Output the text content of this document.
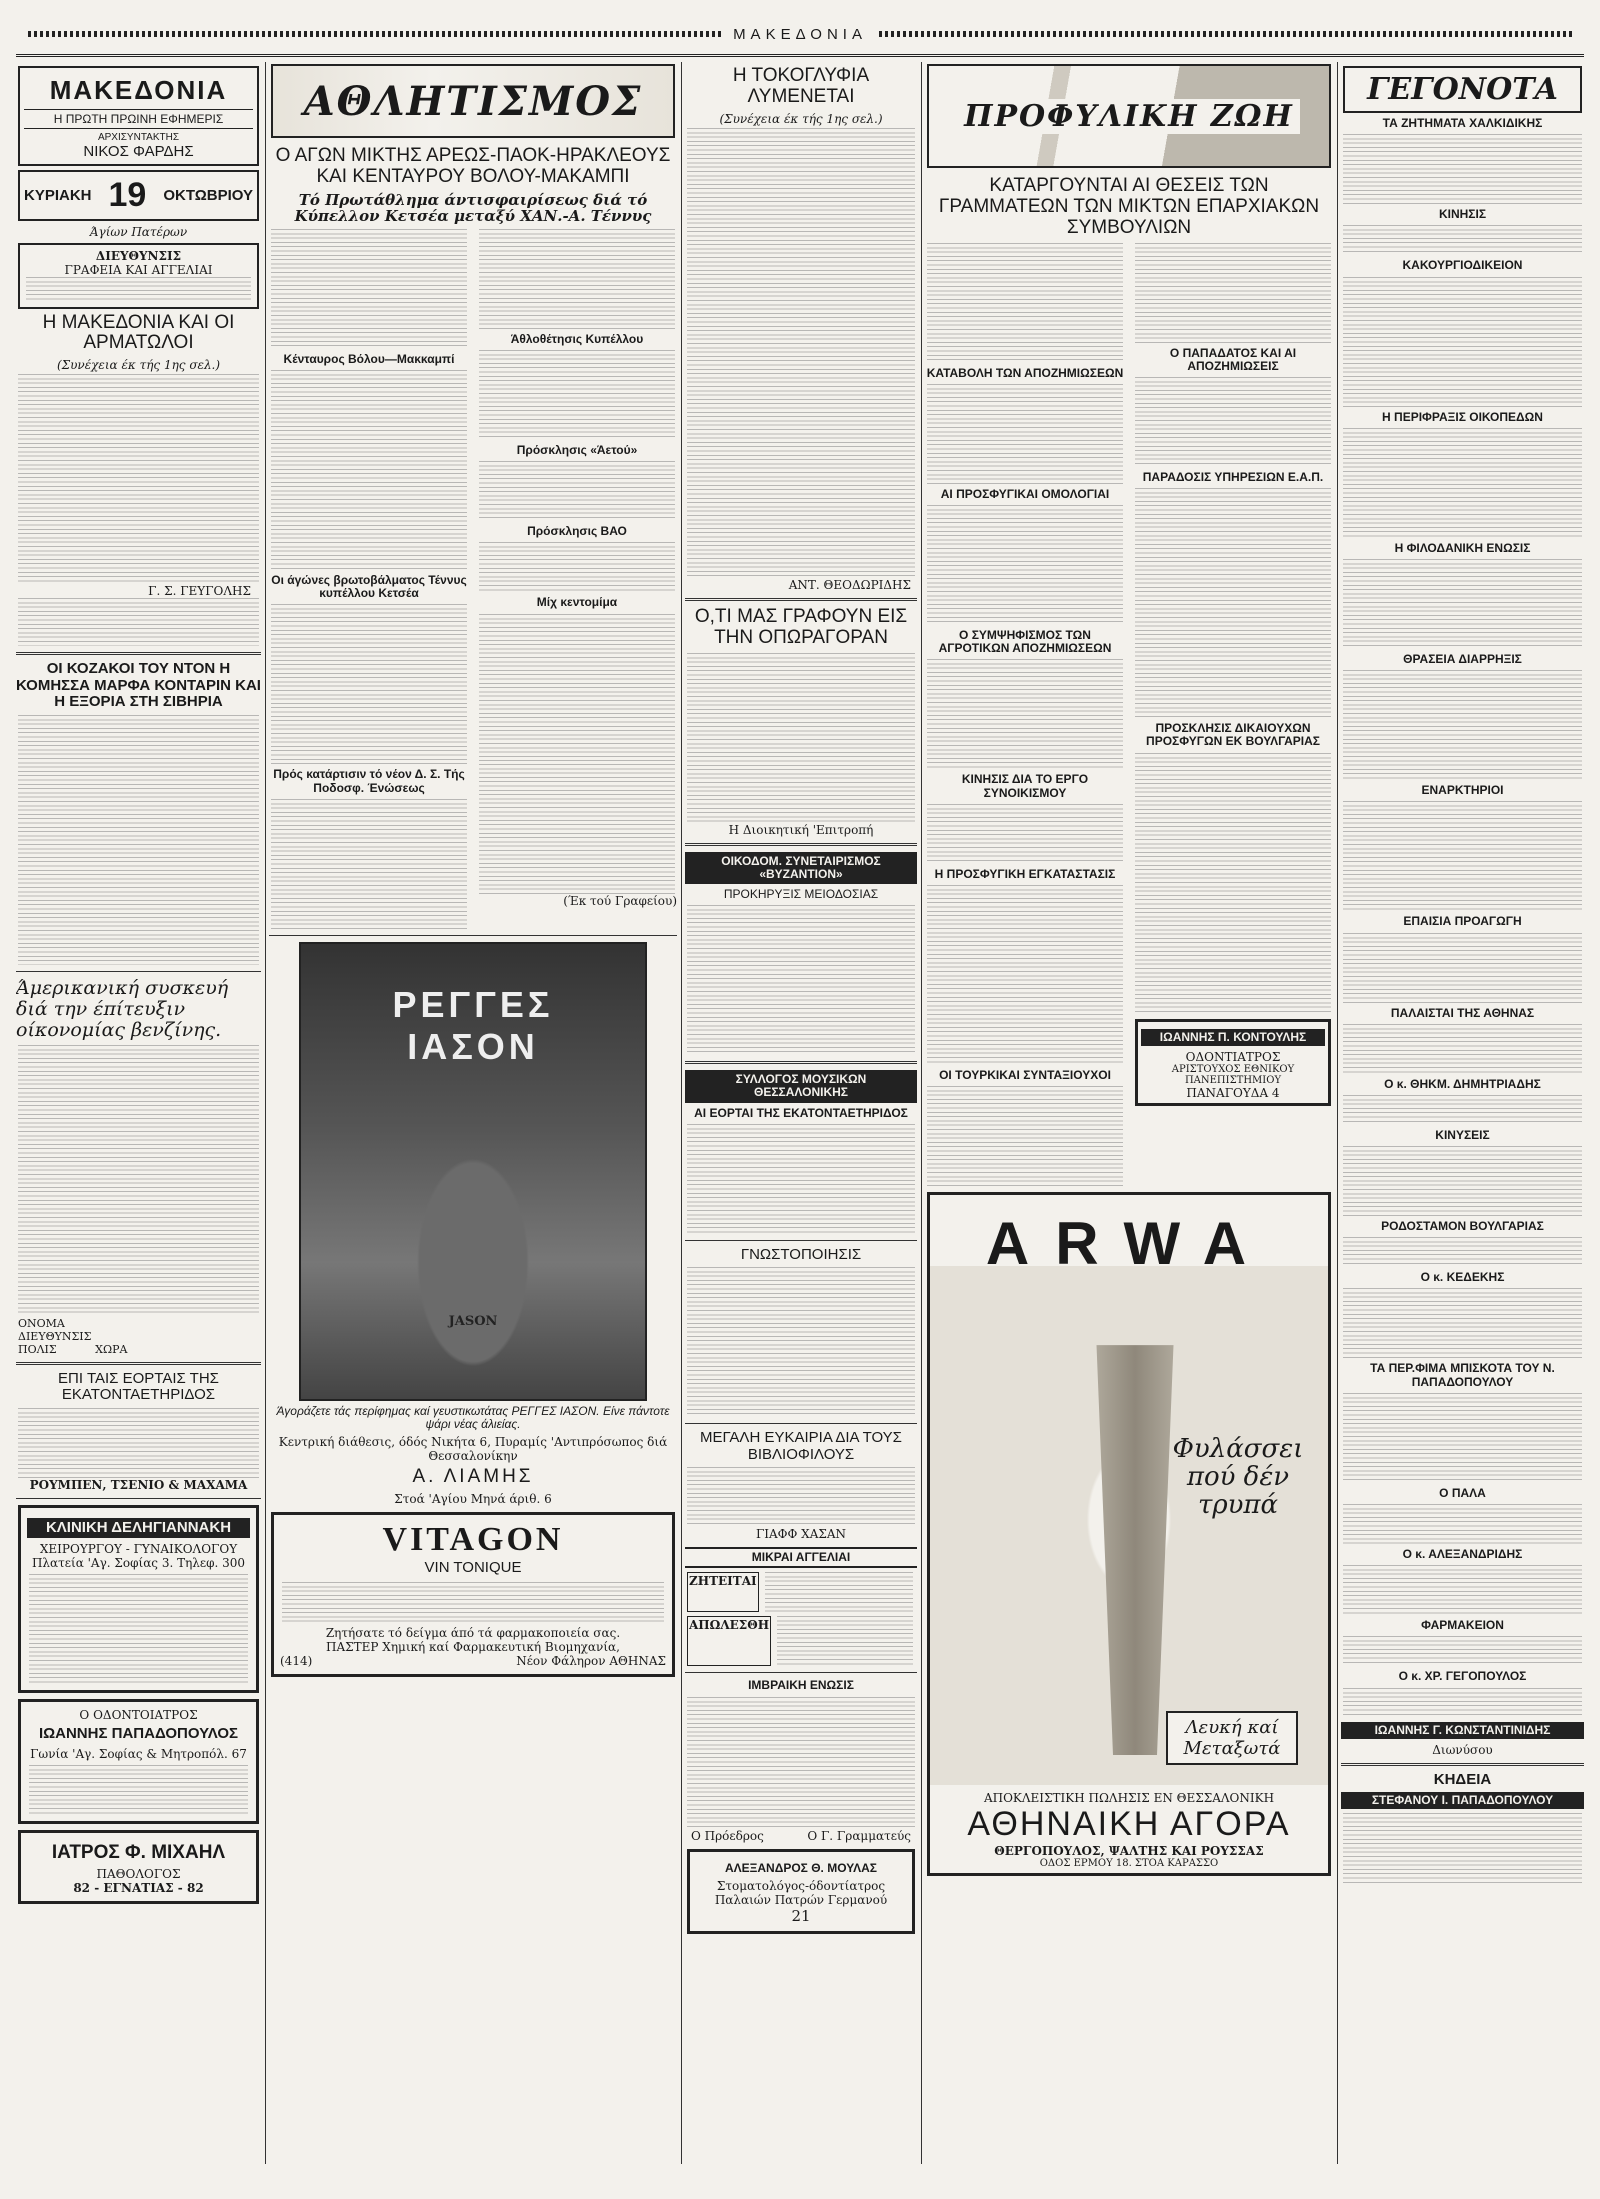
ΜΑΚΕΔΟΝΙΑ
ΜΑΚΕΔΟΝΙΑ
Η ΠΡΩΤΗ ΠΡΩΙΝΗ ΕΦΗΜΕΡΙΣ
ΑΡΧΙΣΥΝΤΑΚΤΗΣ
ΝΙΚΟΣ ΦΑΡΔΗΣ
ΚΥΡΙΑΚΗ 19 ΟΚΤΩΒΡΙΟΥ
Άγίων Πατέρων
ΔΙΕΥΘΥΝΣΙΣ
ΓΡΑΦΕΙΑ ΚΑΙ ΑΓΓΕΛΙΑΙ
Η ΜΑΚΕΔΟΝΙΑ ΚΑΙ ΟΙ ΑΡΜΑΤΩΛΟΙ
(Συνέχεια έκ τής 1ης σελ.)
Γ. Σ. ΓΕΥΓΟΛΗΣ
ΟΙ ΚΟΖΑΚΟΙ ΤΟΥ ΝΤΟΝ Η ΚΟΜΗΣΣΑ ΜΑΡΦΑ ΚΟΝΤΑΡΙΝ ΚΑΙ Η ΕΞΟΡΙΑ ΣΤΗ ΣΙΒΗΡΙΑ
Άμερικανική συσκευή διά την έπίτευξιν οίκονομίας βενζίνης.
ΟΝΟΜΑ
ΔΙΕΥΘΥΝΣΙΣ
ΠΟΛΙΣ	ΧΩΡΑ
ΕΠΙ ΤΑΙΣ ΕΟΡΤΑΙΣ ΤΗΣ ΕΚΑΤΟΝΤΑΕΤΗΡΙΔΟΣ
ΡΟΥΜΠΕΝ, ΤΣΕΝΙΟ & ΜΑΧΑΜΑ
ΚΛΙΝΙΚΗ ΔΕΛΗΓΙΑΝΝΑΚΗ
ΧΕΙΡΟΥΡΓΟΥ - ΓΥΝΑΙΚΟΛΟΓΟΥ
Πλατεία 'Αγ. Σοφίας 3. Τηλεφ. 300
Ο ΟΔΟΝΤΟΙΑΤΡΟΣ
ΙΩΑΝΝΗΣ ΠΑΠΑΔΟΠΟΥΛΟΣ
Γωνία 'Αγ. Σοφίας & Μητροπόλ. 67
ΙΑΤΡΟΣ Φ. ΜΙΧΑΗΛ
ΠΑΘΟΛΟΓΟΣ
82 - ΕΓΝΑΤΙΑΣ - 82
ΑΘΛΗΤΙΣΜΟΣ
Ο ΑΓΩΝ ΜΙΚΤΗΣ ΑΡΕΩΣ-ΠΑΟΚ-ΗΡΑΚΛΕΟΥΣ ΚΑΙ ΚΕΝΤΑΥΡΟΥ ΒΟΛΟΥ-ΜΑΚΑΜΠΙ
Τό Πρωτάθλημα άντισφαιρίσεως διά τό Κύπελλον Κετσέα μεταξύ ΧΑΝ.-Α. Τέννυς
Κένταυρος Βόλου—Μακκαμπί
Οι άγώνες βρωτοβάλματος Τέννυς κυπέλλου Κετσέα
Άθλοθέτησις Κυπέλλου
Πρόσκλησις «Άετού»
Πρόσκλησις ΒΑΟ
Μίχ κεντομίμα
Πρός κατάρτισιν τό νέον Δ. Σ. Τής Ποδοσφ. Ένώσεως
(Έκ τού Γραφείου)
ΡΕΓΓΕΣ
ΙΑΣΟΝ
JASON
Άγοράζετε τάς περίφημας καί γευστικωτάτας ΡΕΓΓΕΣ ΙΑΣΟΝ. Είνε πάντοτε ψάρι νέας άλιείας.
Κεντρική διάθεσις, όδός Νικήτα 6, Πυραμίς 'Αντιπρόσωπος διά Θεσσαλονίκην
Α. ΛΙΑΜΗΣ
Στοά 'Αγίου Μηνά άριθ. 6
VITAGON
VIN TONIQUE
Ζητήσατε τό δείγμα άπό τά φαρμακοποιεία σας.
ΠΑΣΤΕΡ Χημική καί Φαρμακευτική Βιομηχανία,
(414)	Νέον Φάληρον ΑΘΗΝΑΣ
Η ΤΟΚΟΓΛΥΦΙΑ ΛΥΜΕΝΕΤΑΙ
(Συνέχεια έκ τής 1ης σελ.)
ΑΝΤ. ΘΕΟΔΩΡΙΔΗΣ
Ο,ΤΙ ΜΑΣ ΓΡΑΦΟΥΝ ΕΙΣ ΤΗΝ ΟΠΩΡΑΓΟΡΑΝ
Η Διοικητική 'Επιτροπή
ΟΙΚΟΔΟΜ. ΣΥΝΕΤΑΙΡΙΣΜΟΣ «ΒΥΖΑΝΤΙΟΝ»
ΠΡΟΚΗΡΥΞΙΣ ΜΕΙΟΔΟΣΙΑΣ
ΣΥΛΛΟΓΟΣ ΜΟΥΣΙΚΩΝ ΘΕΣΣΑΛΟΝΙΚΗΣ
ΑΙ ΕΟΡΤΑΙ ΤΗΣ ΕΚΑΤΟΝΤΑΕΤΗΡΙΔΟΣ
ΓΝΩΣΤΟΠΟΙΗΣΙΣ
ΜΕΓΑΛΗ ΕΥΚΑΙΡΙΑ ΔΙΑ ΤΟΥΣ ΒΙΒΛΙΟΦΙΛΟΥΣ
ΓΙΑΦΦ ΧΑΣΑΝ
ΜΙΚΡΑΙ ΑΓΓΕΛΙΑΙ
ΖΗΤΕΙΤΑΙ
ΑΠΩΛΕΣΘΗ
ΙΜΒΡΑΙΚΗ ΕΝΩΣΙΣ
Ο Πρόεδρος	Ο Γ. Γραμματεύς
ΑΛΕΞΑΝΔΡΟΣ Θ. ΜΟΥΛΑΣ
Στοματολόγος-όδοντίατρος
Παλαιών Πατρών Γερμανού
21
ΠΡΟΦΥΛΙΚΗ ΖΩΗ
ΚΑΤΑΡΓΟΥΝΤΑΙ ΑΙ ΘΕΣΕΙΣ ΤΩΝ ΓΡΑΜΜΑΤΕΩΝ ΤΩΝ ΜΙΚΤΩΝ ΕΠΑΡΧΙΑΚΩΝ ΣΥΜΒΟΥΛΙΩΝ
ΚΑΤΑΒΟΛΗ ΤΩΝ ΑΠΟΖΗΜΙΩΣΕΩΝ
ΑΙ ΠΡΟΣΦΥΓΙΚΑΙ ΟΜΟΛΟΓΙΑΙ
Ο ΣΥΜΨΗΦΙΣΜΟΣ ΤΩΝ ΑΓΡΟΤΙΚΩΝ ΑΠΟΖΗΜΙΩΣΕΩΝ
ΚΙΝΗΣΙΣ ΔΙΑ ΤΟ ΕΡΓΟ ΣΥΝΟΙΚΙΣΜΟΥ
Η ΠΡΟΣΦΥΓΙΚΗ ΕΓΚΑΤΑΣΤΑΣΙΣ
ΟΙ ΤΟΥΡΚΙΚΑΙ ΣΥΝΤΑΞΙΟΥΧΟΙ
Ο ΠΑΠΑΔΑΤΟΣ ΚΑΙ ΑΙ ΑΠΟΖΗΜΙΩΣΕΙΣ
ΠΑΡΑΔΟΣΙΣ ΥΠΗΡΕΣΙΩΝ Ε.Α.Π.
ΠΡΟΣΚΛΗΣΙΣ ΔΙΚΑΙΟΥΧΩΝ ΠΡΟΣΦΥΓΩΝ ΕΚ ΒΟΥΛΓΑΡΙΑΣ
ΙΩΑΝΝΗΣ Π. ΚΟΝΤΟΥΛΗΣ
ΟΔΟΝΤΙΑΤΡΟΣ
ΑΡΙΣΤΟΥΧΟΣ ΕΘΝΙΚΟΥ ΠΑΝΕΠΙΣΤΗΜΙΟΥ
ΠΑΝΑΓΟΥΔΑ 4
ARWA
Φυλάσσει πού δέν τρυπά
Λευκή καί Μεταξωτά
ΑΠΟΚΛΕΙΣΤΙΚΗ ΠΩΛΗΣΙΣ ΕΝ ΘΕΣΣΑΛΟΝΙΚΗ
ΑΘΗΝΑΙΚΗ ΑΓΟΡΑ
ΘΕΡΓΟΠΟΥΛΟΣ, ΨΑΛΤΗΣ ΚΑΙ ΡΟΥΣΣΑΣ
ΟΔΟΣ ΕΡΜΟΥ 18. ΣΤΟΑ ΚΑΡΑΣΣΟ
ΓΕΓΟΝΟΤΑ
ΤΑ ΖΗΤΗΜΑΤΑ ΧΑΛΚΙΔΙΚΗΣ
ΚΙΝΗΣΙΣ
ΚΑΚΟΥΡΓΙΟΔΙΚΕΙΟΝ
Η ΠΕΡΙΦΡΑΞΙΣ ΟΙΚΟΠΕΔΩΝ
Η ΦΙΛΟΔΑΝΙΚΗ ΕΝΩΣΙΣ
ΘΡΑΣΕΙΑ ΔΙΑΡΡΗΞΙΣ
ΕΝΑΡΚΤΗΡΙΟΙ
ΕΠΑΙΣΙΑ ΠΡΟΑΓΩΓΗ
ΠΑΛΑΙΣΤΑΙ ΤΗΣ ΑΘΗΝΑΣ
Ο κ. ΘΗΚΜ. ΔΗΜΗΤΡΙΑΔΗΣ
ΚΙΝΥΣΕΙΣ
ΡΟΔΟΣΤΑΜΟΝ ΒΟΥΛΓΑΡΙΑΣ
Ο κ. ΚΕΔΕΚΗΣ
ΤΑ ΠΕΡ.ΦΙΜΑ ΜΠΙΣΚΟΤΑ ΤΟΥ Ν. ΠΑΠΑΔΟΠΟΥΛΟΥ
Ο ΠΑΛΑ
Ο κ. ΑΛΕΞΑΝΔΡΙΔΗΣ
ΦΑΡΜΑΚΕΙΟΝ
Ο κ. ΧΡ. ΓΕΓΟΠΟΥΛΟΣ
ΙΩΑΝΝΗΣ Γ. ΚΩΝΣΤΑΝΤΙΝΙΔΗΣ
Διωνύσου
ΚΗΔΕΙΑ
ΣΤΕΦΑΝΟΥ Ι. ΠΑΠΑΔΟΠΟΥΛΟΥ
